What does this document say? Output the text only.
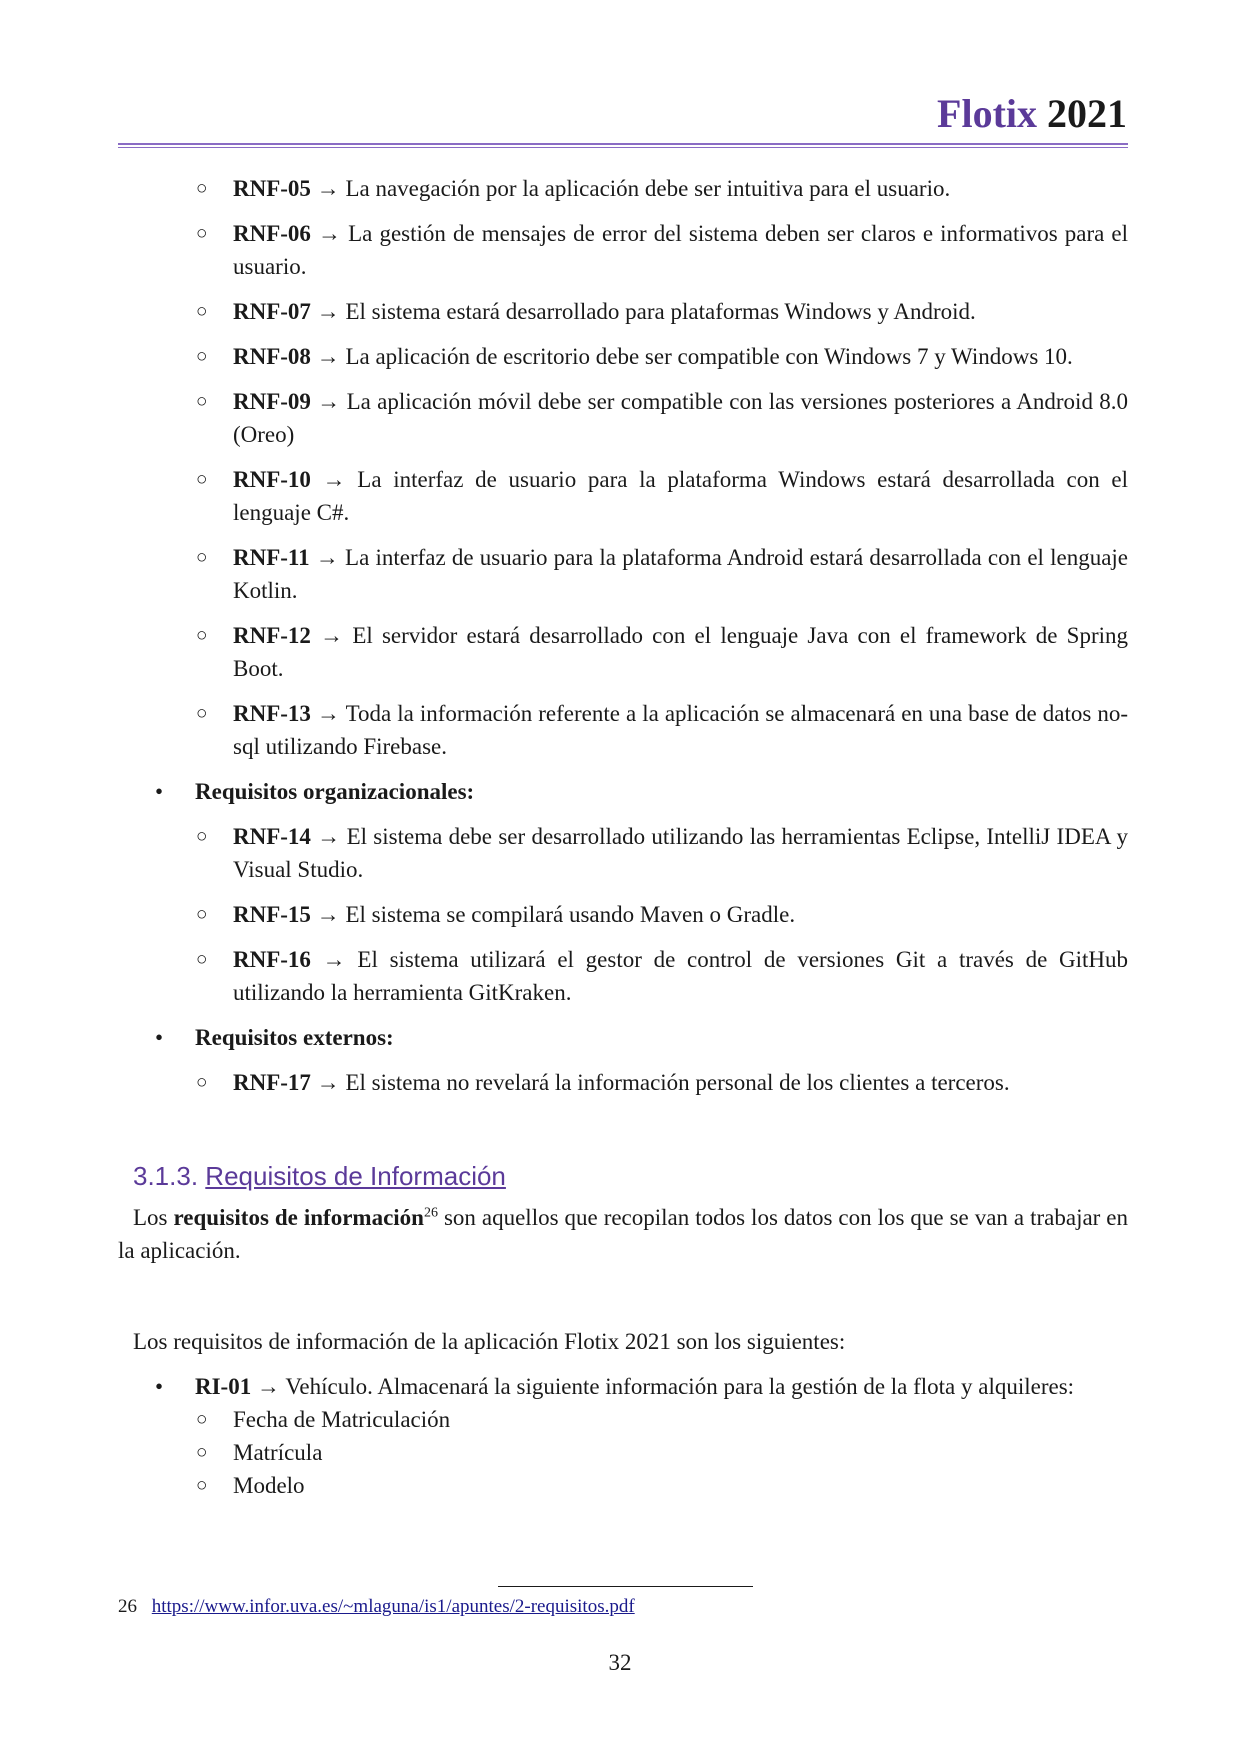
Flotix 2021
○ RNF-05 → La navegación por la aplicación debe ser intuitiva para el usuario.
○ RNF-06 → La gestión de mensajes de error del sistema deben ser claros e informativos para el usuario.
○ RNF-07 → El sistema estará desarrollado para plataformas Windows y Android.
○ RNF-08 → La aplicación de escritorio debe ser compatible con Windows 7 y Windows 10.
○ RNF-09 → La aplicación móvil debe ser compatible con las versiones posteriores a Android 8.0 (Oreo)
○ RNF-10 → La interfaz de usuario para la plataforma Windows estará desarrollada con el lenguaje C#.
○ RNF-11 → La interfaz de usuario para la plataforma Android estará desarrollada con el lenguaje Kotlin.
○ RNF-12 → El servidor estará desarrollado con el lenguaje Java con el framework de Spring Boot.
○ RNF-13 → Toda la información referente a la aplicación se almacenará en una base de datos no-sql utilizando Firebase.
• Requisitos organizacionales:
○ RNF-14 → El sistema debe ser desarrollado utilizando las herramientas Eclipse, IntelliJ IDEA y Visual Studio.
○ RNF-15 → El sistema se compilará usando Maven o Gradle.
○ RNF-16 → El sistema utilizará el gestor de control de versiones Git a través de GitHub utilizando la herramienta GitKraken.
• Requisitos externos:
○ RNF-17 → El sistema no revelará la información personal de los clientes a terceros.
3.1.3. Requisitos de Información
Los requisitos de información$^{26}$ son aquellos que recopilan todos los datos con los que se van a trabajar en la aplicación.
Los requisitos de información de la aplicación Flotix 2021 son los siguientes:
• RI-01 → Vehículo. Almacenará la siguiente información para la gestión de la flota y alquileres:
○ Fecha de Matriculación
○ Matrícula
○ Modelo
26 https://www.infor.uva.es/~mlaguna/is1/apuntes/2-requisitos.pdf
32
